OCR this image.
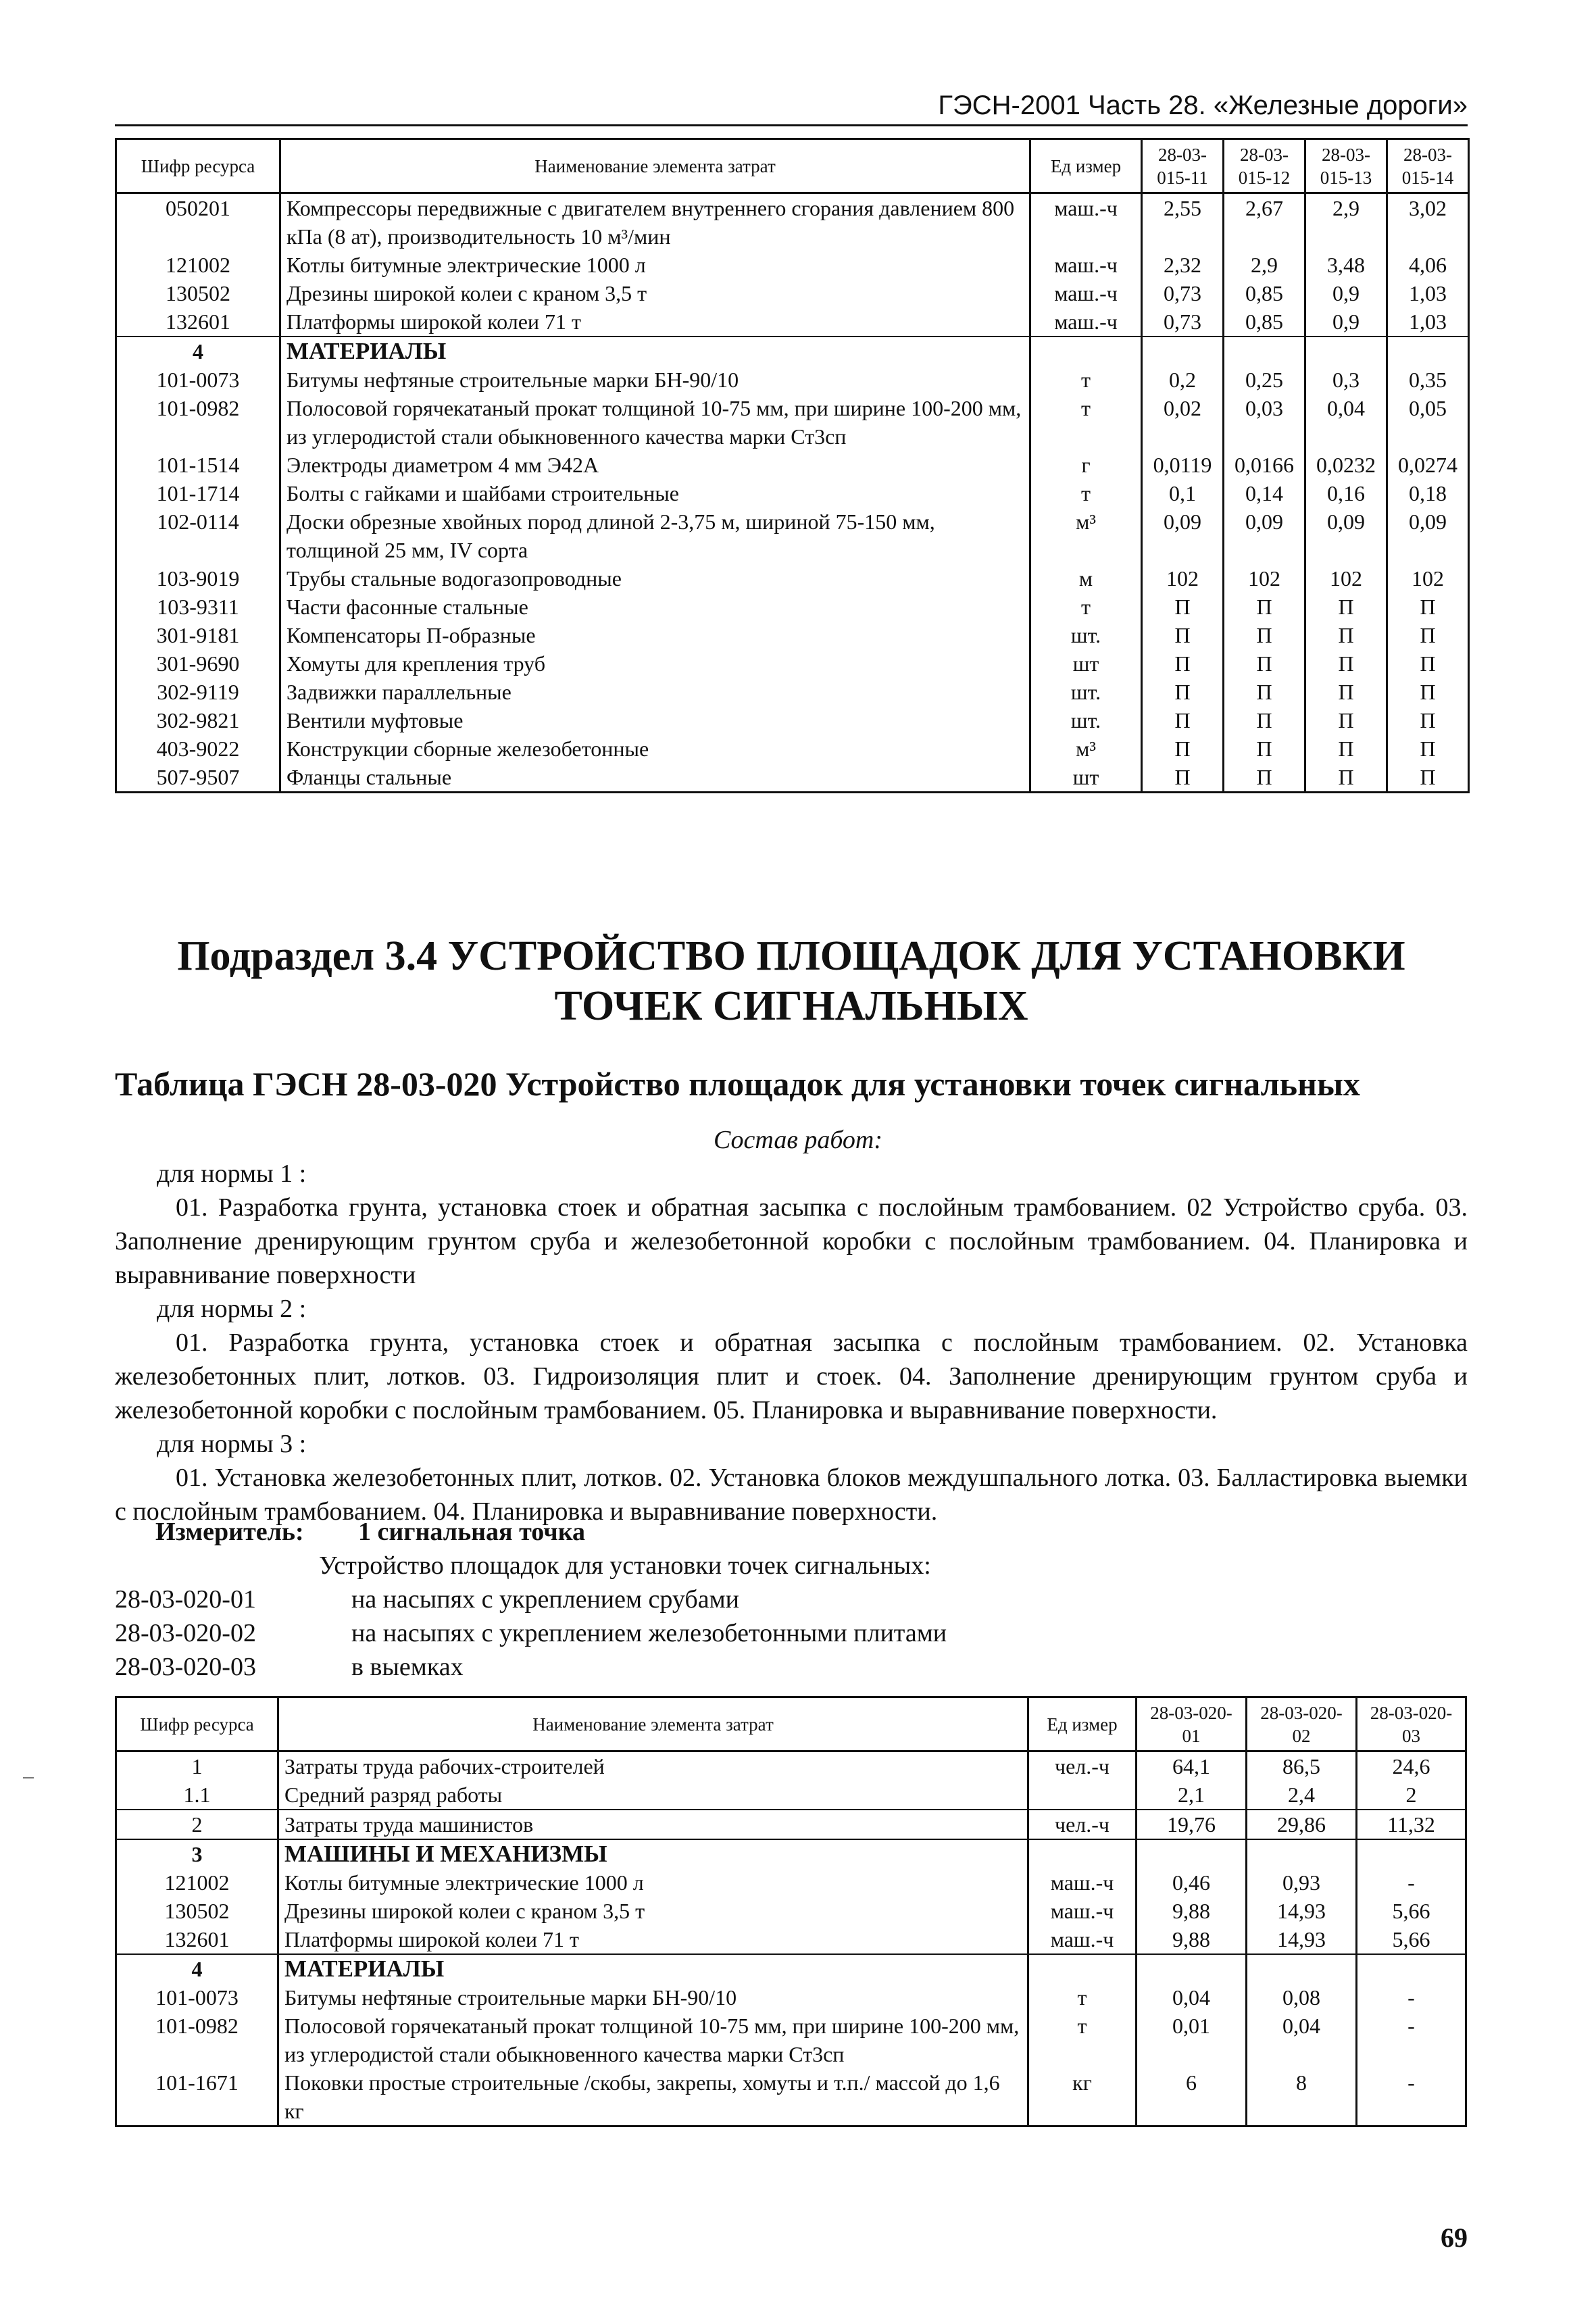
ГЭСН-2001 Часть 28. «Железные дороги»
Шифр ресурса	Наименование элемента затрат	Ед измер	28-03-015-11	28-03-015-12	28-03-015-13	28-03-015-14
050201	Компрессоры передвижные с двигателем внутреннего сгорания давлением 800 кПа (8 ат), производительность 10 м³/мин	маш.-ч	2,55	2,67	2,9	3,02
121002	Котлы битумные электрические 1000 л	маш.-ч	2,32	2,9	3,48	4,06
130502	Дрезины широкой колеи с краном 3,5 т	маш.-ч	0,73	0,85	0,9	1,03
132601	Платформы широкой колеи 71 т	маш.-ч	0,73	0,85	0,9	1,03
4	МАТЕРИАЛЫ					
101-0073	Битумы нефтяные строительные марки БН-90/10	т	0,2	0,25	0,3	0,35
101-0982	Полосовой горячекатаный прокат толщиной 10-75 мм, при ширине 100-200 мм, из углеродистой стали обыкновенного качества марки Ст3сп	т	0,02	0,03	0,04	0,05
101-1514	Электроды диаметром 4 мм Э42А	г	0,0119	0,0166	0,0232	0,0274
101-1714	Болты с гайками и шайбами строительные	т	0,1	0,14	0,16	0,18
102-0114	Доски обрезные хвойных пород длиной 2-3,75 м, шириной 75-150 мм, толщиной 25 мм, IV сорта	м³	0,09	0,09	0,09	0,09
103-9019	Трубы стальные водогазопроводные	м	102	102	102	102
103-9311	Части фасонные стальные	т	П	П	П	П
301-9181	Компенсаторы П-образные	шт.	П	П	П	П
301-9690	Хомуты для крепления труб	шт	П	П	П	П
302-9119	Задвижки параллельные	шт.	П	П	П	П
302-9821	Вентили муфтовые	шт.	П	П	П	П
403-9022	Конструкции сборные железобетонные	м³	П	П	П	П
507-9507	Фланцы стальные	шт	П	П	П	П
Подраздел 3.4 УСТРОЙСТВО ПЛОЩАДОК ДЛЯ УСТАНОВКИ ТОЧЕК СИГНАЛЬНЫХ
Таблица ГЭСН 28-03-020 Устройство площадок для установки точек сигнальных
Состав работ:
для нормы 1 :
01. Разработка грунта, установка стоек и обратная засыпка с послойным трамбованием. 02 Устройство сруба. 03. Заполнение дренирующим грунтом сруба и железобетонной коробки с послойным трамбованием. 04. Планировка и выравнивание поверхности
для нормы 2 :
01. Разработка грунта, установка стоек и обратная засыпка с послойным трамбованием. 02. Установка железобетонных плит, лотков. 03. Гидроизоляция плит и стоек. 04. Заполнение дренирующим грунтом сруба и железобетонной коробки с послойным трамбованием. 05. Планировка и выравнивание поверхности.
для нормы 3 :
01. Установка железобетонных плит, лотков. 02. Установка блоков междушпального лотка. 03. Балластировка выемки с послойным трамбованием. 04. Планировка и выравнивание поверхности.
Измеритель: 1 сигнальная точка
Устройство площадок для установки точек сигнальных:
28-03-020-01	на насыпях с укреплением срубами
28-03-020-02	на насыпях с укреплением железобетонными плитами
28-03-020-03	в выемках
Шифр ресурса	Наименование элемента затрат	Ед измер	28-03-020-01	28-03-020-02	28-03-020-03
1	Затраты труда рабочих-строителей	чел.-ч	64,1	86,5	24,6
1.1	Средний разряд работы		2,1	2,4	2
2	Затраты труда машинистов	чел.-ч	19,76	29,86	11,32
3	МАШИНЫ И МЕХАНИЗМЫ				
121002	Котлы битумные электрические 1000 л	маш.-ч	0,46	0,93	-
130502	Дрезины широкой колеи с краном 3,5 т	маш.-ч	9,88	14,93	5,66
132601	Платформы широкой колеи 71 т	маш.-ч	9,88	14,93	5,66
4	МАТЕРИАЛЫ				
101-0073	Битумы нефтяные строительные марки БН-90/10	т	0,04	0,08	-
101-0982	Полосовой горячекатаный прокат толщиной 10-75 мм, при ширине 100-200 мм, из углеродистой стали обыкновенного качества марки Ст3сп	т	0,01	0,04	-
101-1671	Поковки простые строительные /скобы, закрепы, хомуты и т.п./ массой до 1,6 кг	кг	6	8	-
69
